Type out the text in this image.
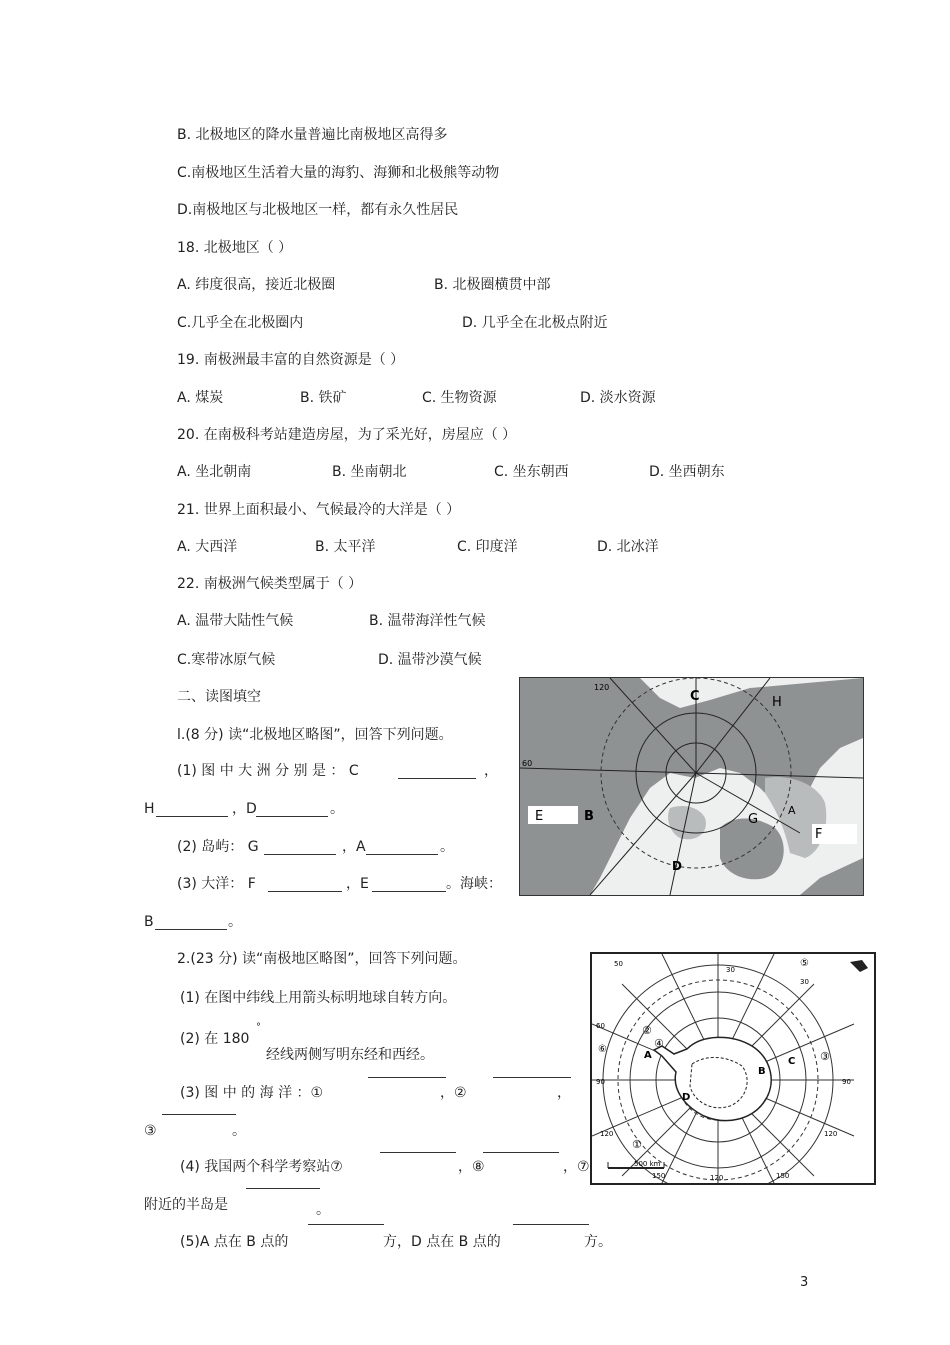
B. 北极地区的降水量普遍比南极地区高得多
C.南极地区生活着大量的海豹、海狮和北极熊等动物
D.南极地区与北极地区一样，都有永久性居民
18. 北极地区（ ）
A. 纬度很高，接近北极圈	B. 北极圈横贯中部
C.几乎全在北极圈内	D. 几乎全在北极点附近
19. 南极洲最丰富的自然资源是（ ）
A. 煤炭	B. 铁矿	C. 生物资源	D. 淡水资源
20. 在南极科考站建造房屋，为了采光好，房屋应（ ）
A. 坐北朝南	B. 坐南朝北	C. 坐东朝西	D. 坐西朝东
21. 世界上面积最小、气候最冷的大洋是（ ）
A. 大西洋	B. 太平洋	C. 印度洋	D. 北冰洋
22. 南极洲气候类型属于（ ）
A. 温带大陆性气候	B. 温带海洋性气候
C.寒带冰原气候	D. 温带沙漠气候
二、读图填空
l.(8 分) 读“北极地区略图”，回答下列问题。
(1) 图 中 大 洲 分 别 是 ： C	，
H	，D	。
(2) 岛屿： G	，A	。
(3) 大洋： F	，E	。海峡：
B	。
C	H
E	B	G
F
D
A
120
60
2.(23 分) 读“南极地区略图”，回答下列问题。
(1) 在图中纬线上用箭头标明地球自转方向。
(2) 在 180
°
经线两侧写明东经和西经。
(3) 图 中 的 海 洋 ：①	，②	，
③	。
(4) 我国两个科学考察站⑦	，⑧	，⑦
附近的半岛是	。
(5)A 点在 B 点的	方，D 点在 B 点的	方。
②
④
③
①
⑤
⑥
A
B
C
D
50
30
60
90	90
120	120
120
150	150
30
500 km
3
